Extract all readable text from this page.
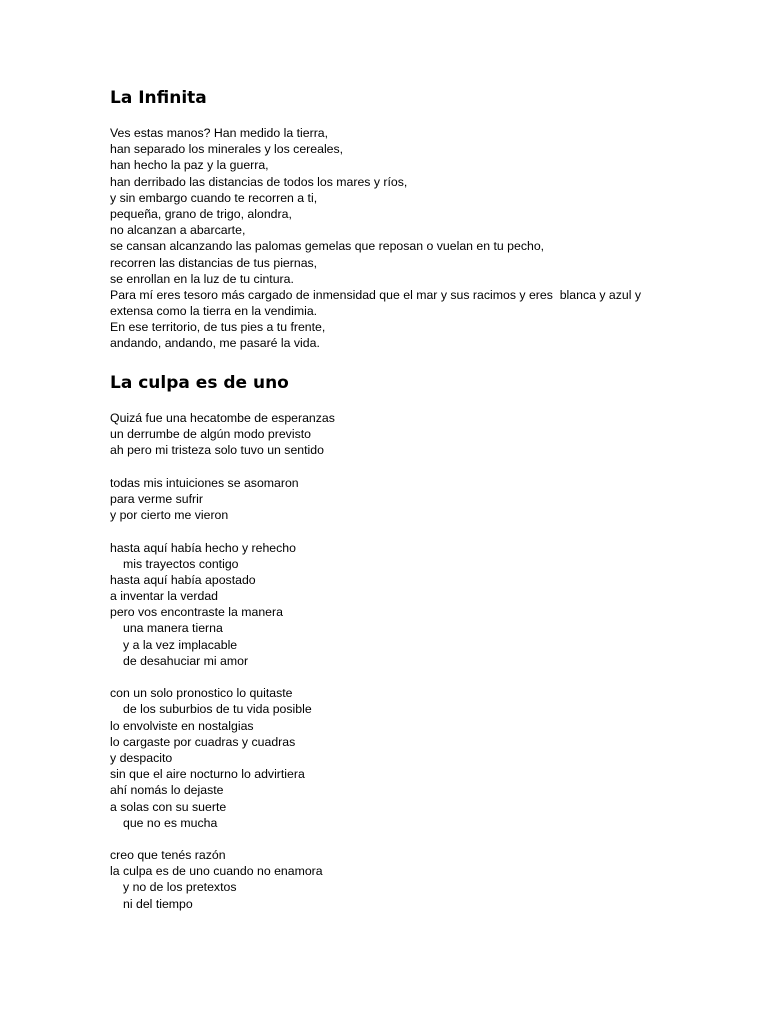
La Infinita
Ves estas manos? Han medido la tierra,
han separado los minerales y los cereales,
han hecho la paz y la guerra,
han derribado las distancias de todos los mares y ríos,
y sin embargo cuando te recorren a ti,
pequeña, grano de trigo, alondra,
no alcanzan a abarcarte,
se cansan alcanzando las palomas gemelas que reposan o vuelan en tu pecho,
recorren las distancias de tus piernas,
se enrollan en la luz de tu cintura.
Para mí eres tesoro más cargado de inmensidad que el mar y sus racimos y eres  blanca y azul y
extensa como la tierra en la vendimia.
En ese territorio, de tus pies a tu frente,
andando, andando, me pasaré la vida.
La culpa es de uno
Quizá fue una hecatombe de esperanzas
un derrumbe de algún modo previsto
ah pero mi tristeza solo tuvo un sentido
todas mis intuiciones se asomaron
para verme sufrir
y por cierto me vieron
hasta aquí había hecho y rehecho
mis trayectos contigo
hasta aquí había apostado
a inventar la verdad
pero vos encontraste la manera
una manera tierna
y a la vez implacable
de desahuciar mi amor
con un solo pronostico lo quitaste
de los suburbios de tu vida posible
lo envolviste en nostalgias
lo cargaste por cuadras y cuadras
y despacito
sin que el aire nocturno lo advirtiera
ahí nomás lo dejaste
a solas con su suerte
que no es mucha
creo que tenés razón
la culpa es de uno cuando no enamora
y no de los pretextos
ni del tiempo
